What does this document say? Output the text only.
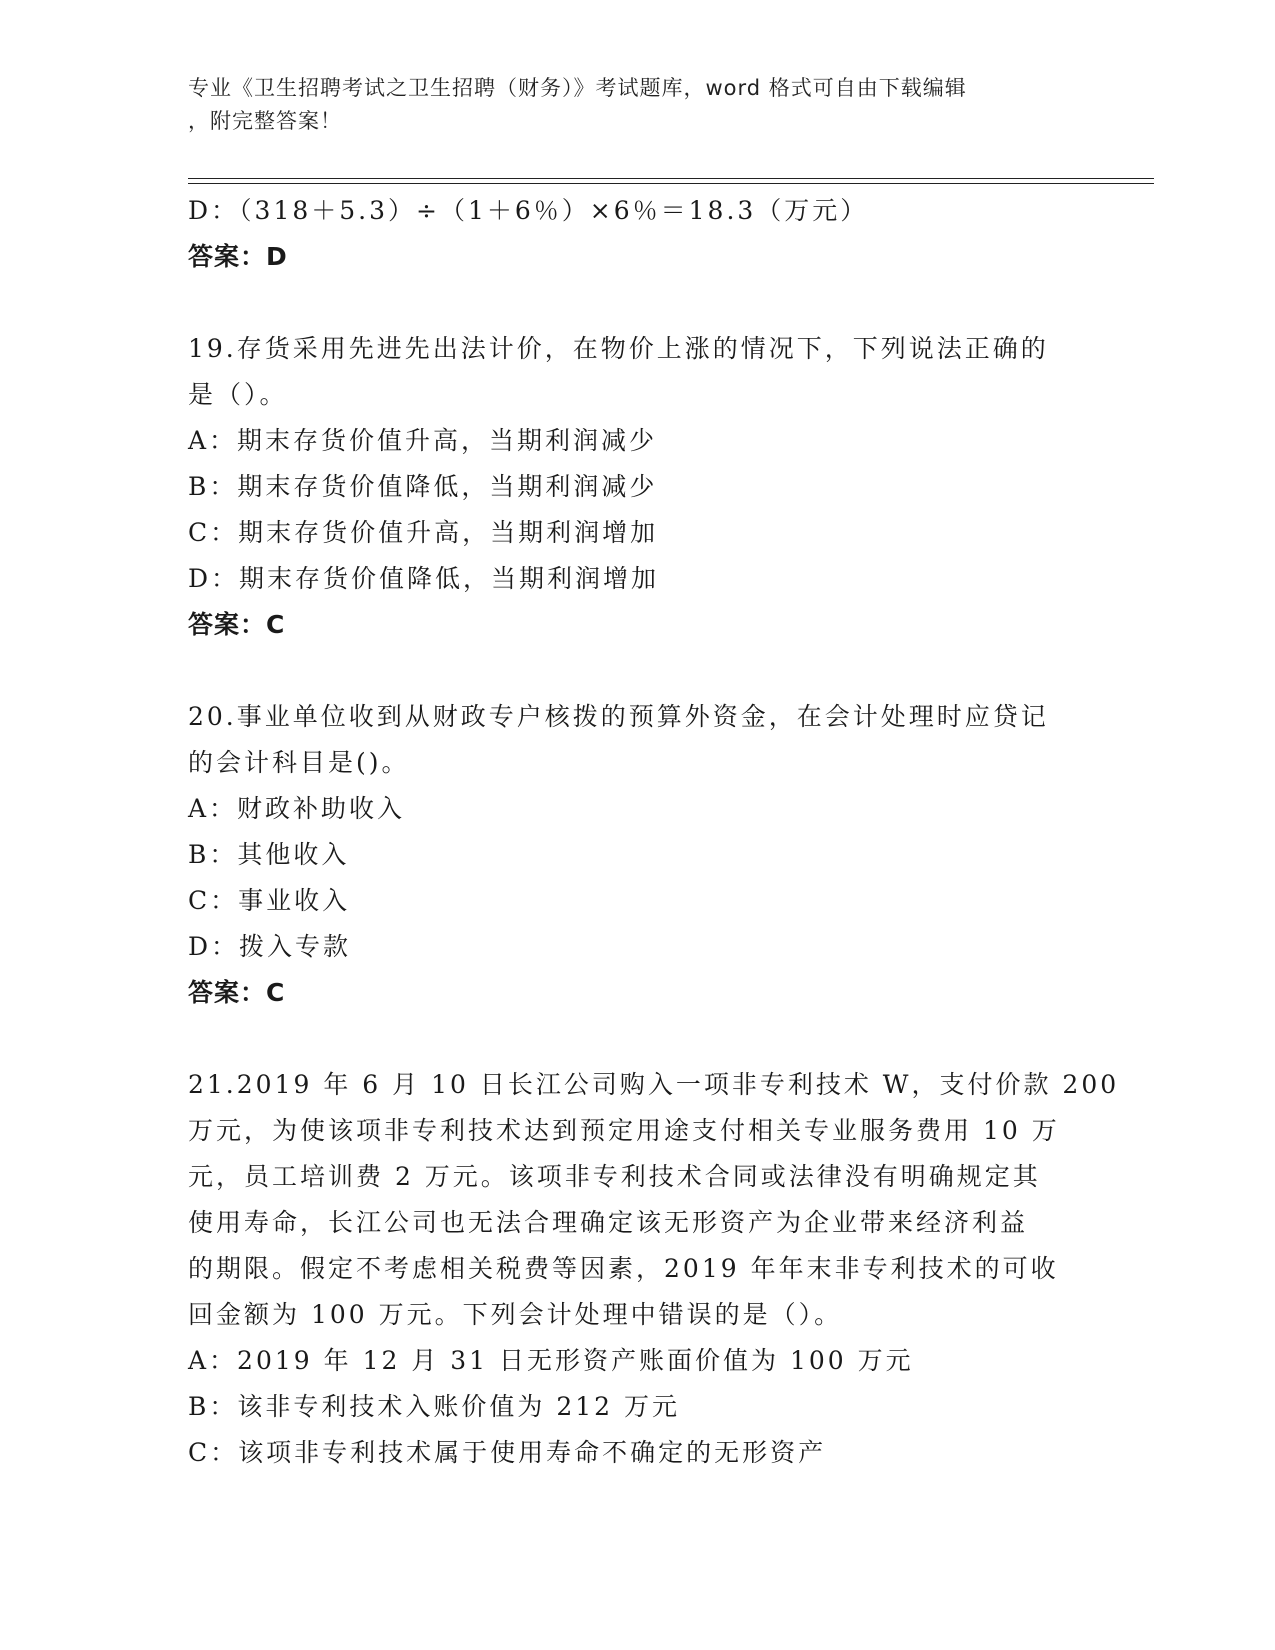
专业《卫生招聘考试之卫生招聘（财务）》考试题库，word 格式可自由下载编辑
，附完整答案！
D：（318＋5.3）÷（1＋6％）×6％＝18.3（万元）
答案：D
19.存货采用先进先出法计价，在物价上涨的情况下，下列说法正确的
是（）。
A：期末存货价值升高，当期利润减少
B：期末存货价值降低，当期利润减少
C：期末存货价值升高，当期利润增加
D：期末存货价值降低，当期利润增加
答案：C
20.事业单位收到从财政专户核拨的预算外资金，在会计处理时应贷记
的会计科目是()。
A：财政补助收入
B：其他收入
C：事业收入
D：拨入专款
答案：C
21.2019 年 6 月 10 日长江公司购入一项非专利技术 W，支付价款 200
万元，为使该项非专利技术达到预定用途支付相关专业服务费用 10 万
元，员工培训费 2 万元。该项非专利技术合同或法律没有明确规定其
使用寿命，长江公司也无法合理确定该无形资产为企业带来经济利益
的期限。假定不考虑相关税费等因素，2019 年年末非专利技术的可收
回金额为 100 万元。下列会计处理中错误的是（）。
A：2019 年 12 月 31 日无形资产账面价值为 100 万元
B：该非专利技术入账价值为 212 万元
C：该项非专利技术属于使用寿命不确定的无形资产
